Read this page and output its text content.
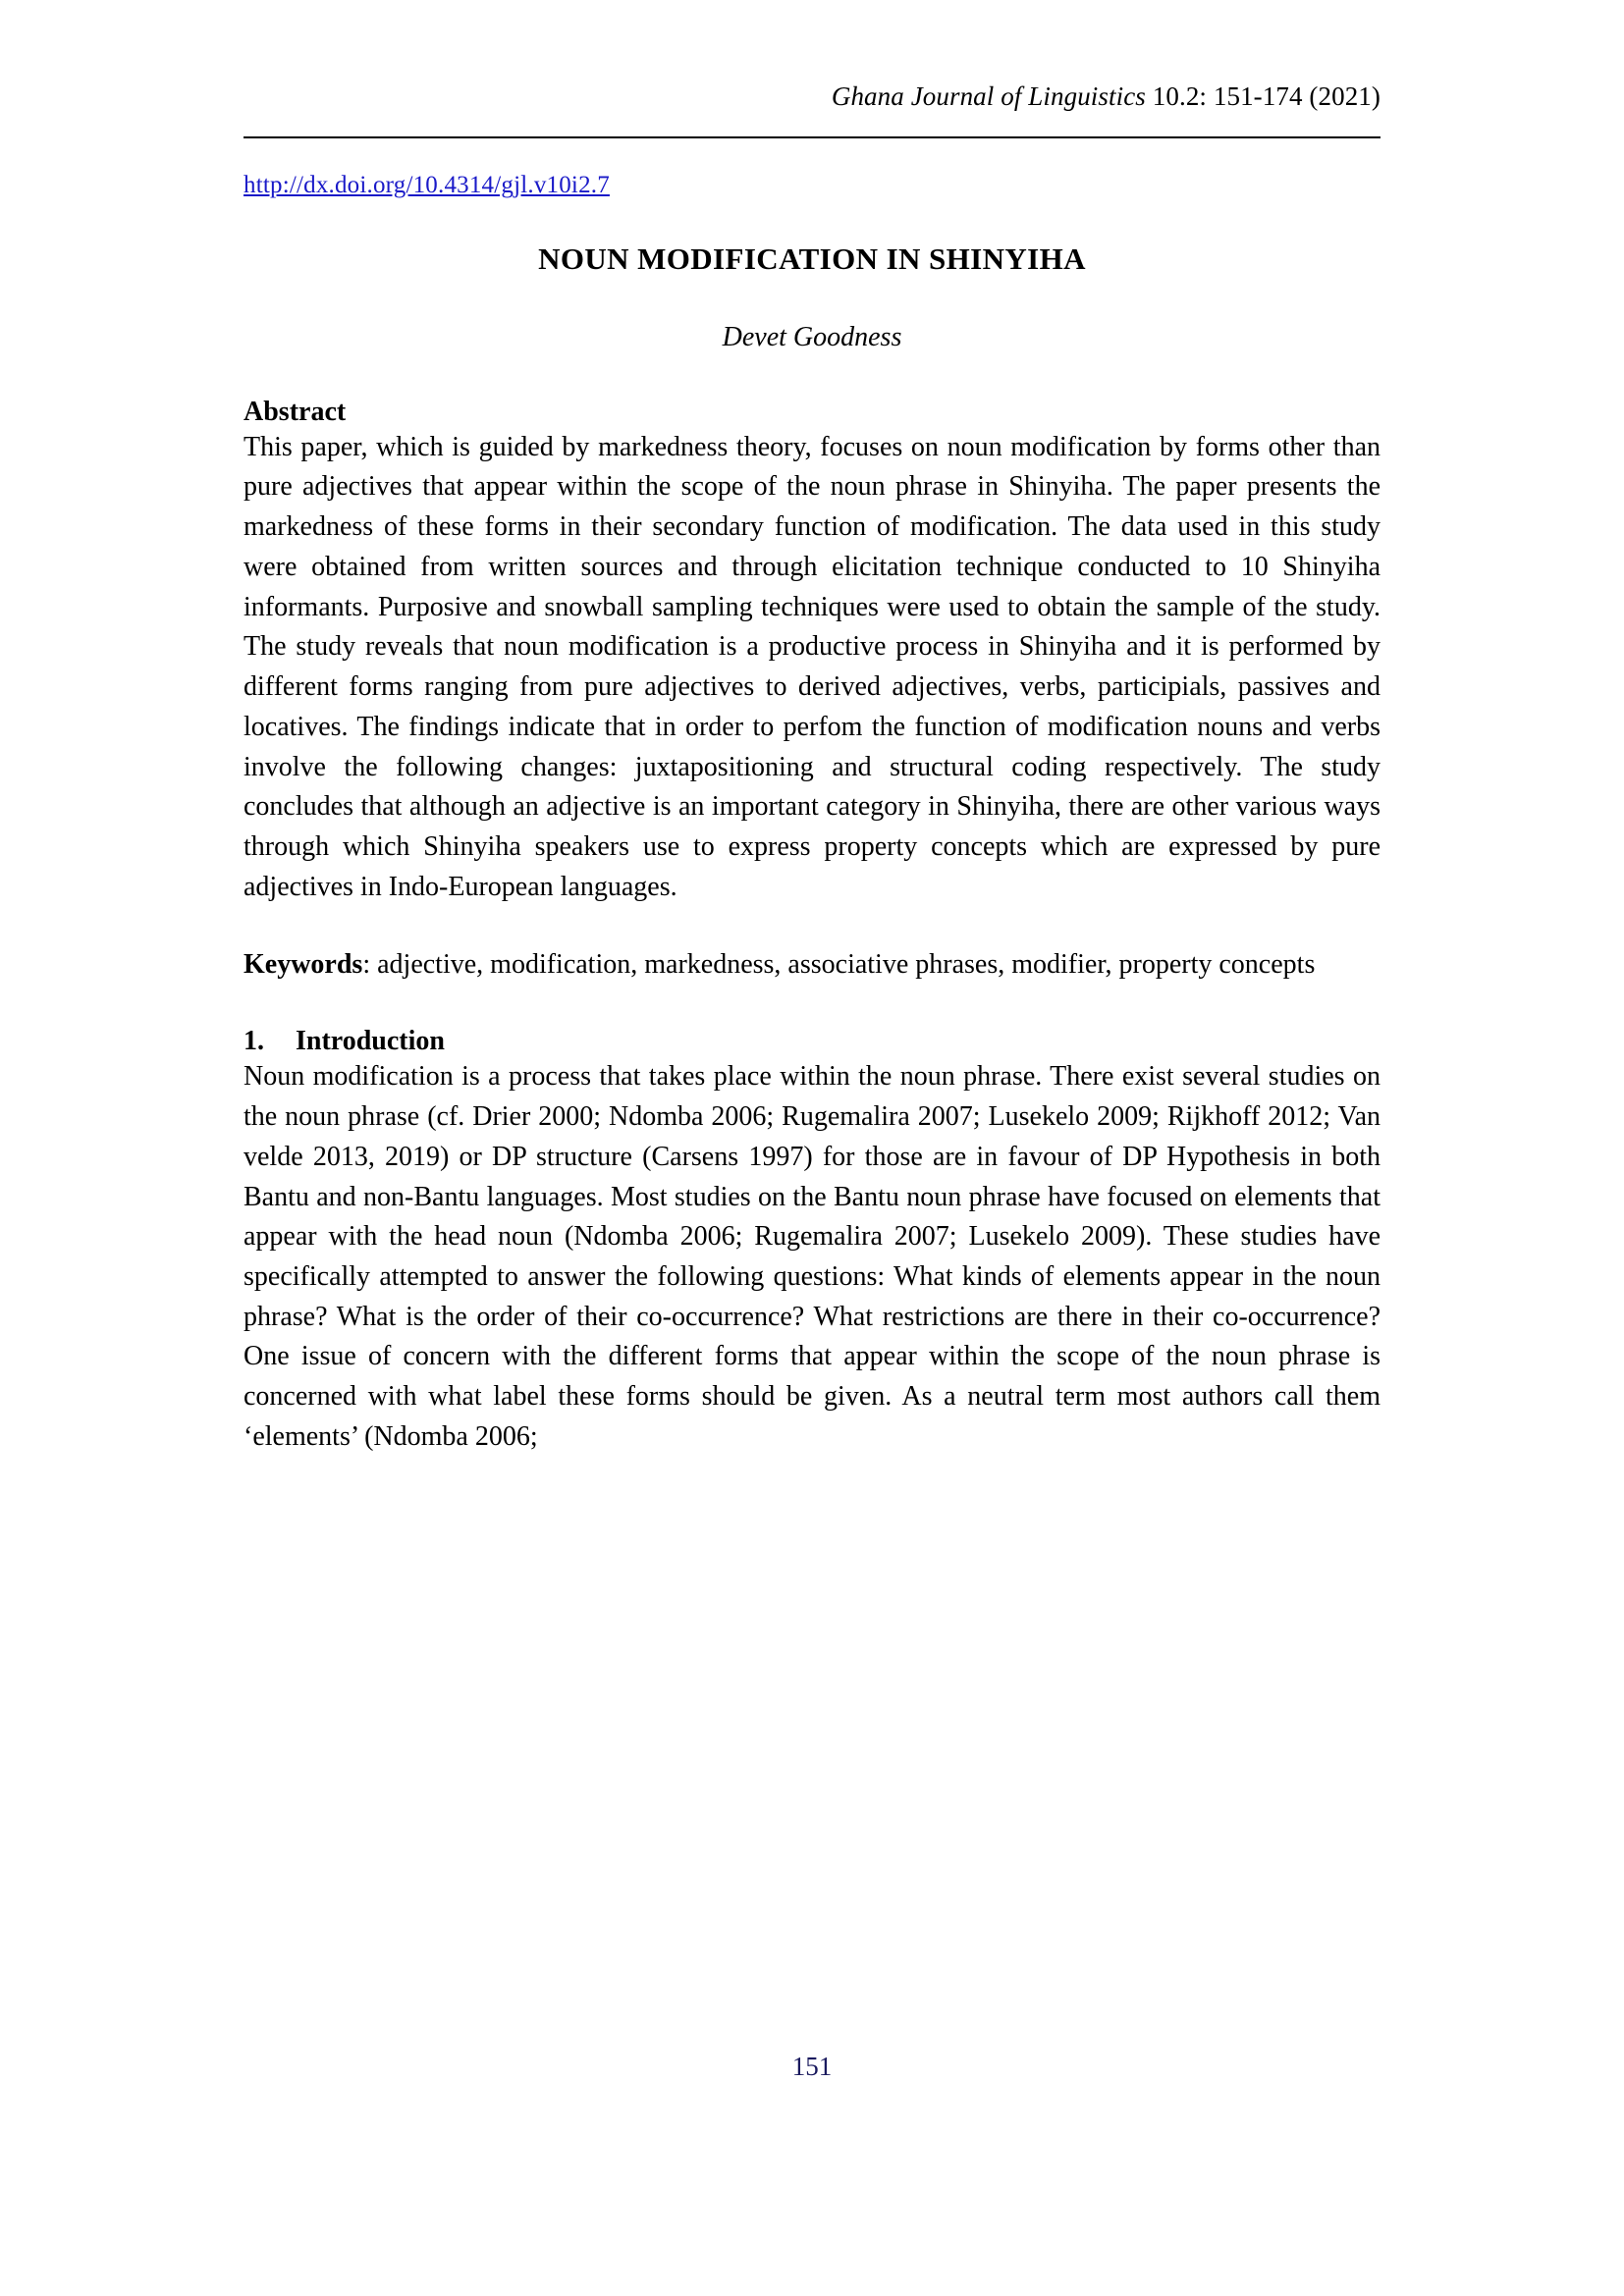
Ghana Journal of Linguistics 10.2: 151-174 (2021)
http://dx.doi.org/10.4314/gjl.v10i2.7
NOUN MODIFICATION IN SHINYIHA
Devet Goodness
Abstract

This paper, which is guided by markedness theory, focuses on noun modification by forms other than pure adjectives that appear within the scope of the noun phrase in Shinyiha. The paper presents the markedness of these forms in their secondary function of modification. The data used in this study were obtained from written sources and through elicitation technique conducted to 10 Shinyiha informants. Purposive and snowball sampling techniques were used to obtain the sample of the study. The study reveals that noun modification is a productive process in Shinyiha and it is performed by different forms ranging from pure adjectives to derived adjectives, verbs, participials, passives and locatives. The findings indicate that in order to perfom the function of modification nouns and verbs involve the following changes: juxtapositioning and structural coding respectively. The study concludes that although an adjective is an important category in Shinyiha, there are other various ways through which Shinyiha speakers use to express property concepts which are expressed by pure adjectives in Indo-European languages.

Keywords: adjective, modification, markedness, associative phrases, modifier, property concepts

1.	Introduction

Noun modification is a process that takes place within the noun phrase. There exist several studies on the noun phrase (cf. Drier 2000; Ndomba 2006; Rugemalira 2007; Lusekelo 2009; Rijkhoff 2012; Van velde 2013, 2019) or DP structure (Carsens 1997) for those are in favour of DP Hypothesis in both Bantu and non-Bantu languages. Most studies on the Bantu noun phrase have focused on elements that appear with the head noun (Ndomba 2006; Rugemalira 2007; Lusekelo 2009). These studies have specifically attempted to answer the following questions: What kinds of elements appear in the noun phrase? What is the order of their co-occurrence? What restrictions are there in their co-occurrence? One issue of concern with the different forms that appear within the scope of the noun phrase is concerned with what label these forms should be given. As a neutral term most authors call them ‘elements’ (Ndomba 2006;

151
